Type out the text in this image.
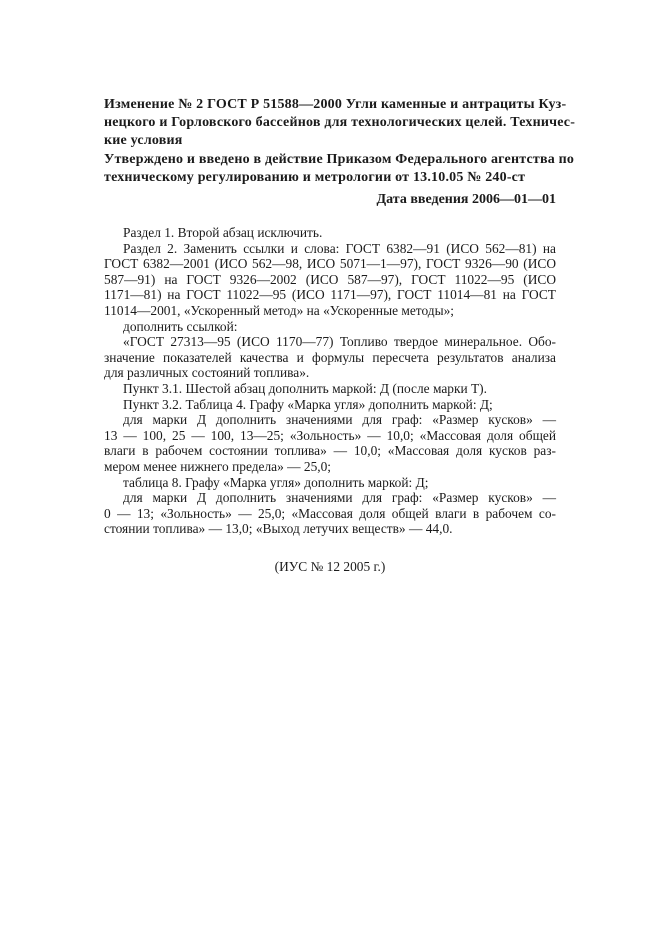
Изменение № 2 ГОСТ Р 51588—2000 Угли каменные и антрациты Куз-
нецкого и Горловского бассейнов для технологических целей. Техничес-
кие условия
Утверждено и введено в действие Приказом Федерального агентства по
техническому регулированию и метрологии от 13.10.05 № 240-ст
Дата введения 2006—01—01
Раздел 1. Второй абзац исключить.
Раздел 2. Заменить ссылки и слова: ГОСТ 6382—91 (ИСО 562—81) на
ГОСТ 6382—2001 (ИСО 562—98, ИСО 5071—1—97), ГОСТ 9326—90 (ИСО
587—91) на ГОСТ 9326—2002 (ИСО 587—97), ГОСТ 11022—95 (ИСО
1171—81) на ГОСТ 11022—95 (ИСО 1171—97), ГОСТ 11014—81 на ГОСТ
11014—2001, «Ускоренный метод» на «Ускоренные методы»;
дополнить ссылкой:
«ГОСТ 27313—95 (ИСО 1170—77) Топливо твердое минеральное. Обо-
значение показателей качества и формулы пересчета результатов анализа
для различных состояний топлива».
Пункт 3.1. Шестой абзац дополнить маркой: Д (после марки Т).
Пункт 3.2. Таблица 4. Графу «Марка угля» дополнить маркой: Д;
для марки Д дополнить значениями для граф: «Размер кусков» —
13 — 100, 25 — 100, 13—25; «Зольность» — 10,0; «Массовая доля общей
влаги в рабочем состоянии топлива» — 10,0; «Массовая доля кусков раз-
мером менее нижнего предела» — 25,0;
таблица 8. Графу «Марка угля» дополнить маркой: Д;
для марки Д дополнить значениями для граф: «Размер кусков» —
0 — 13; «Зольность» — 25,0; «Массовая доля общей влаги в рабочем со-
стоянии топлива» — 13,0; «Выход летучих веществ» — 44,0.
(ИУС № 12 2005 г.)
